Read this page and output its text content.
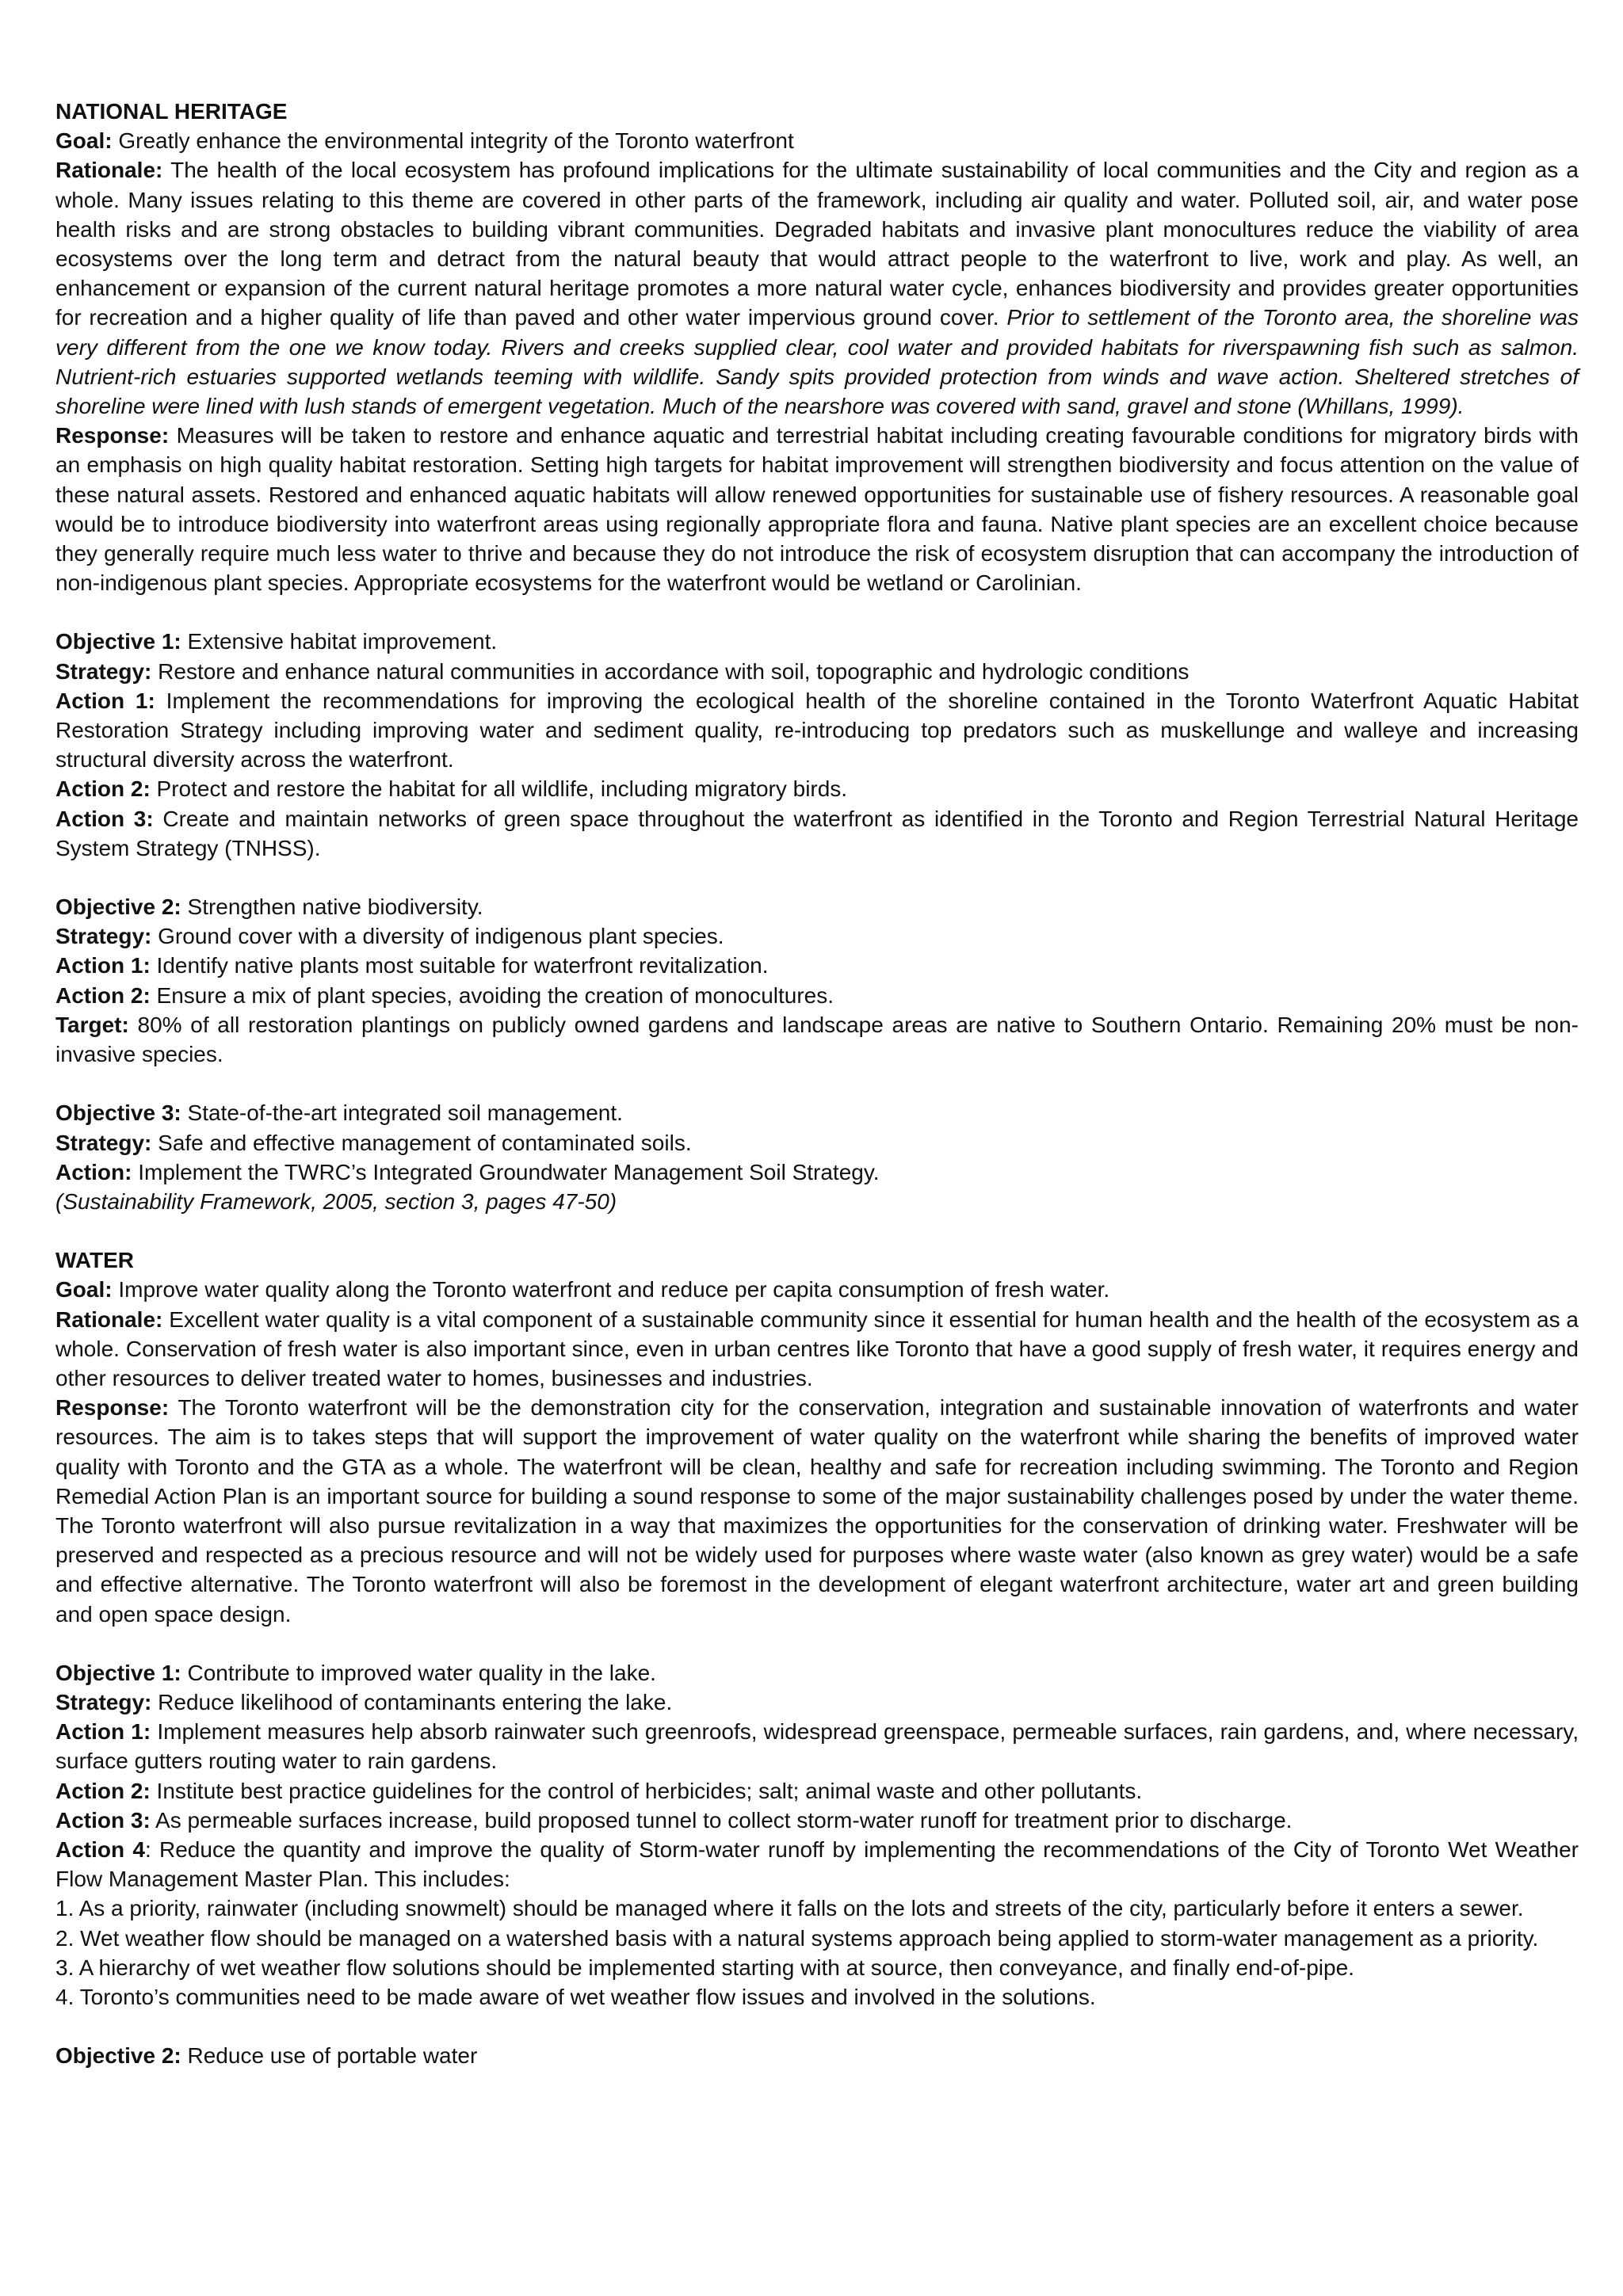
NATIONAL HERITAGE

Goal: Greatly enhance the environmental integrity of the Toronto waterfront

Rationale: The health of the local ecosystem has profound implications for the ultimate sustainability of local communities and the City and region as a whole. Many issues relating to this theme are covered in other parts of the framework, including air quality and water. Polluted soil, air, and water pose health risks and are strong obstacles to building vibrant communities. Degraded habitats and invasive plant monocultures reduce the viability of area ecosystems over the long term and detract from the natural beauty that would attract people to the waterfront to live, work and play. As well, an enhancement or expansion of the current natural heritage promotes a more natural water cycle, enhances biodiversity and provides greater opportunities for recreation and a higher quality of life than paved and other water impervious ground cover. Prior to settlement of the Toronto area, the shoreline was very different from the one we know today. Rivers and creeks supplied clear, cool water and provided habitats for riverspawning fish such as salmon. Nutrient-rich estuaries supported wetlands teeming with wildlife. Sandy spits provided protection from winds and wave action. Sheltered stretches of shoreline were lined with lush stands of emergent vegetation. Much of the nearshore was covered with sand, gravel and stone (Whillans, 1999).

Response: Measures will be taken to restore and enhance aquatic and terrestrial habitat including creating favourable conditions for migratory birds with an emphasis on high quality habitat restoration. Setting high targets for habitat improvement will strengthen biodiversity and focus attention on the value of these natural assets. Restored and enhanced aquatic habitats will allow renewed opportunities for sustainable use of fishery resources. A reasonable goal would be to introduce biodiversity into waterfront areas using regionally appropriate flora and fauna. Native plant species are an excellent choice because they generally require much less water to thrive and because they do not introduce the risk of ecosystem disruption that can accompany the introduction of non-indigenous plant species. Appropriate ecosystems for the waterfront would be wetland or Carolinian.

Objective 1: Extensive habitat improvement.

Strategy: Restore and enhance natural communities in accordance with soil, topographic and hydrologic conditions

Action 1: Implement the recommendations for improving the ecological health of the shoreline contained in the Toronto Waterfront Aquatic Habitat Restoration Strategy including improving water and sediment quality, re-introducing top predators such as muskellunge and walleye and increasing structural diversity across the waterfront.

Action 2: Protect and restore the habitat for all wildlife, including migratory birds.

Action 3: Create and maintain networks of green space throughout the waterfront as identified in the Toronto and Region Terrestrial Natural Heritage System Strategy (TNHSS).

Objective 2: Strengthen native biodiversity.

Strategy: Ground cover with a diversity of indigenous plant species.

Action 1: Identify native plants most suitable for waterfront revitalization.

Action 2: Ensure a mix of plant species, avoiding the creation of monocultures.

Target: 80% of all restoration plantings on publicly owned gardens and landscape areas are native to Southern Ontario. Remaining 20% must be non-invasive species.

Objective 3: State-of-the-art integrated soil management.

Strategy: Safe and effective management of contaminated soils.

Action: Implement the TWRC’s Integrated Groundwater Management Soil Strategy.

(Sustainability Framework, 2005, section 3, pages 47-50)

WATER

Goal: Improve water quality along the Toronto waterfront and reduce per capita consumption of fresh water.

Rationale: Excellent water quality is a vital component of a sustainable community since it essential for human health and the health of the ecosystem as a whole. Conservation of fresh water is also important since, even in urban centres like Toronto that have a good supply of fresh water, it requires energy and other resources to deliver treated water to homes, businesses and industries.

Response: The Toronto waterfront will be the demonstration city for the conservation, integration and sustainable innovation of waterfronts and water resources. The aim is to takes steps that will support the improvement of water quality on the waterfront while sharing the benefits of improved water quality with Toronto and the GTA as a whole. The waterfront will be clean, healthy and safe for recreation including swimming. The Toronto and Region Remedial Action Plan is an important source for building a sound response to some of the major sustainability challenges posed by under the water theme. The Toronto waterfront will also pursue revitalization in a way that maximizes the opportunities for the conservation of drinking water. Freshwater will be preserved and respected as a precious resource and will not be widely used for purposes where waste water (also known as grey water) would be a safe and effective alternative. The Toronto waterfront will also be foremost in the development of elegant waterfront architecture, water art and green building and open space design.

Objective 1: Contribute to improved water quality in the lake.

Strategy: Reduce likelihood of contaminants entering the lake.

Action 1: Implement measures help absorb rainwater such greenroofs, widespread greenspace, permeable surfaces, rain gardens, and, where necessary, surface gutters routing water to rain gardens.

Action 2: Institute best practice guidelines for the control of herbicides; salt; animal waste and other pollutants.

Action 3: As permeable surfaces increase, build proposed tunnel to collect storm-water runoff for treatment prior to discharge.

Action 4: Reduce the quantity and improve the quality of Storm-water runoff by implementing the recommendations of the City of Toronto Wet Weather Flow Management Master Plan. This includes:

1. As a priority, rainwater (including snowmelt) should be managed where it falls on the lots and streets of the city, particularly before it enters a sewer.

2. Wet weather flow should be managed on a watershed basis with a natural systems approach being applied to storm-water management as a priority.

3. A hierarchy of wet weather flow solutions should be implemented starting with at source, then conveyance, and finally end-of-pipe.

4. Toronto’s communities need to be made aware of wet weather flow issues and involved in the solutions.

Objective 2: Reduce use of portable water
